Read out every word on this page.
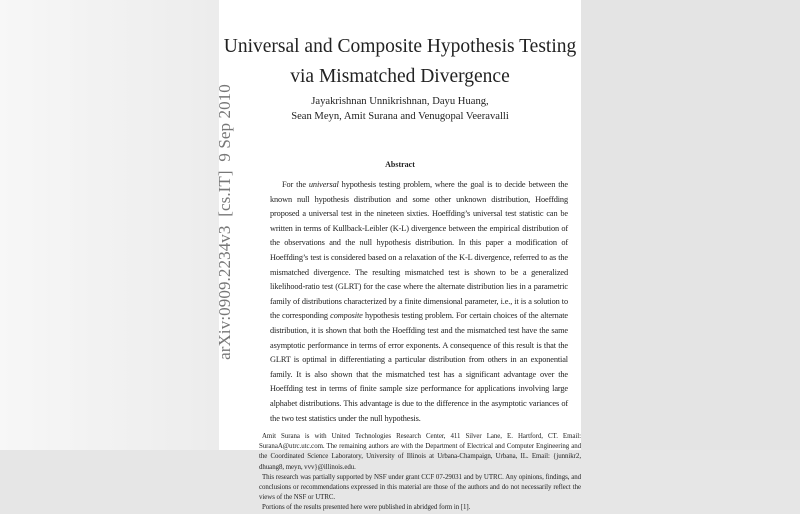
arXiv:0909.2234v3  [cs.IT]  9 Sep 2010
Universal and Composite Hypothesis Testing
via Mismatched Divergence
Jayakrishnan Unnikrishnan, Dayu Huang,
Sean Meyn, Amit Surana and Venugopal Veeravalli
Abstract
For the universal hypothesis testing problem, where the goal is to decide between the known null hypothesis distribution and some other unknown distribution, Hoeffding proposed a universal test in the nineteen sixties. Hoeffding’s universal test statistic can be written in terms of Kullback-Leibler (K-L) divergence between the empirical distribution of the observations and the null hypothesis distribution. In this paper a modification of Hoeffding’s test is considered based on a relaxation of the K-L divergence, referred to as the mismatched divergence. The resulting mismatched test is shown to be a generalized likelihood-ratio test (GLRT) for the case where the alternate distribution lies in a parametric family of distributions characterized by a finite dimensional parameter, i.e., it is a solution to the corresponding composite hypothesis testing problem. For certain choices of the alternate distribution, it is shown that both the Hoeffding test and the mismatched test have the same asymptotic performance in terms of error exponents. A consequence of this result is that the GLRT is optimal in differentiating a particular distribution from others in an exponential family. It is also shown that the mismatched test has a significant advantage over the Hoeffding test in terms of finite sample size performance for applications involving large alphabet distributions. This advantage is due to the difference in the asymptotic variances of the two test statistics under the null hypothesis.

Amit Surana is with United Technologies Research Center, 411 Silver Lane, E. Hartford, CT. Email: SuranaA@utrc.utc.com. The remaining authors are with the Department of Electrical and Computer Engineering and the Coordinated Science Laboratory, University of Illinois at Urbana-Champaign, Urbana, IL. Email: {junnikr2, dhuang8, meyn, vvv}@illinois.edu.

This research was partially supported by NSF under grant CCF 07-29031 and by UTRC. Any opinions, findings, and conclusions or recommendations expressed in this material are those of the authors and do not necessarily reflect the views of the NSF or UTRC.

Portions of the results presented here were published in abridged form in [1].
